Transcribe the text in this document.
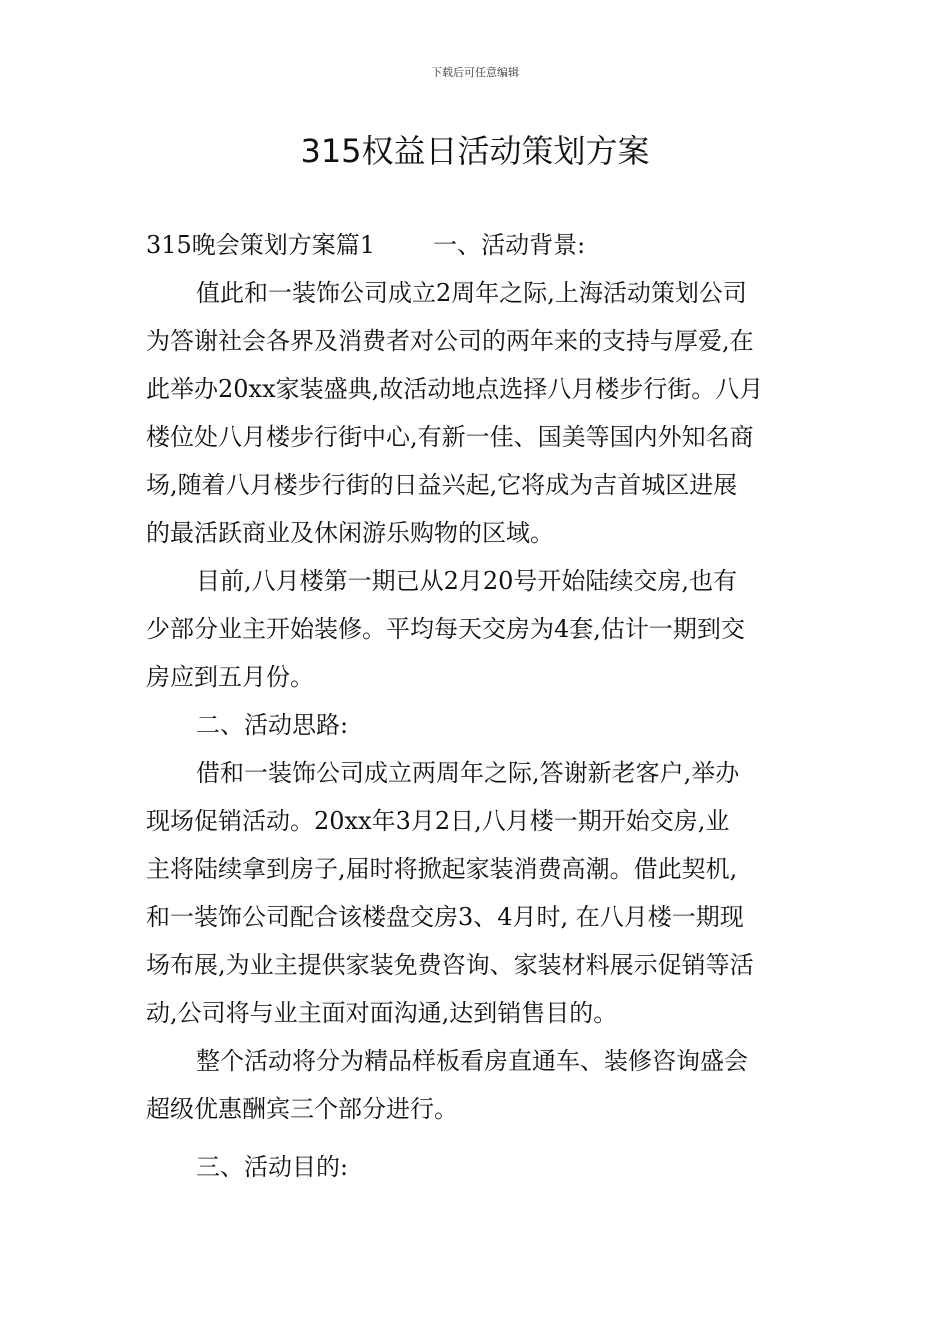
下载后可任意编辑
315权益日活动策划方案
315晚会策划方案篇1 一、活动背景:

值此和一装饰公司成立2周年之际,上海活动策划公司

为答谢社会各界及消费者对公司的两年来的支持与厚爱,在

此举办20xx家装盛典,故活动地点选择八月楼步行街。八月

楼位处八月楼步行街中心,有新一佳、国美等国内外知名商

场,随着八月楼步行街的日益兴起,它将成为吉首城区进展

的最活跃商业及休闲游乐购物的区域。

目前,八月楼第一期已从2月20号开始陆续交房,也有

少部分业主开始装修。平均每天交房为4套,估计一期到交

房应到五月份。

二、活动思路:

借和一装饰公司成立两周年之际,答谢新老客户,举办

现场促销活动。20xx年3月2日,八月楼一期开始交房,业

主将陆续拿到房子,届时将掀起家装消费高潮。借此契机,

和一装饰公司配合该楼盘交房3、4月时, 在八月楼一期现

场布展,为业主提供家装免费咨询、家装材料展示促销等活

动,公司将与业主面对面沟通,达到销售目的。

整个活动将分为精品样板看房直通车、装修咨询盛会

超级优惠酬宾三个部分进行。

三、活动目的:
